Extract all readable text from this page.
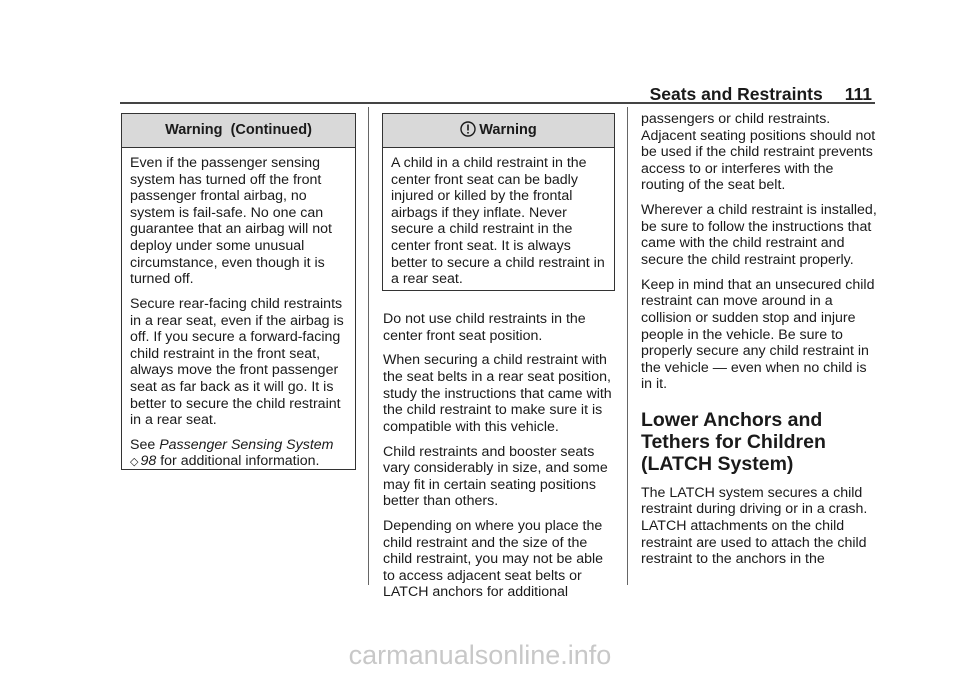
Seats and Restraints 111
Warning  (Continued)

Even if the passenger sensing system has turned off the front passenger frontal airbag, no system is fail-safe. No one can guarantee that an airbag will not deploy under some unusual circumstance, even though it is turned off.

Secure rear-facing child restraints in a rear seat, even if the airbag is off. If you secure a forward-facing child restraint in the front seat, always move the front passenger seat as far back as it will go. It is better to secure the child restraint in a rear seat.

See Passenger Sensing System
◇ 98 for additional information.

Warning

A child in a child restraint in the center front seat can be badly injured or killed by the frontal airbags if they inflate. Never secure a child restraint in the center front seat. It is always better to secure a child restraint in a rear seat.

Do not use child restraints in the center front seat position.

When securing a child restraint with the seat belts in a rear seat position, study the instructions that came with the child restraint to make sure it is compatible with this vehicle.

Child restraints and booster seats vary considerably in size, and some may fit in certain seating positions better than others.

Depending on where you place the child restraint and the size of the child restraint, you may not be able to access adjacent seat belts or LATCH anchors for additional

passengers or child restraints. Adjacent seating positions should not be used if the child restraint prevents access to or interferes with the routing of the seat belt.

Wherever a child restraint is installed, be sure to follow the instructions that came with the child restraint and secure the child restraint properly.

Keep in mind that an unsecured child restraint can move around in a collision or sudden stop and injure people in the vehicle. Be sure to properly secure any child restraint in the vehicle — even when no child is in it.

Lower Anchors and Tethers for Children (LATCH System)

The LATCH system secures a child restraint during driving or in a crash. LATCH attachments on the child restraint are used to attach the child restraint to the anchors in the

carmanualsonline.info
